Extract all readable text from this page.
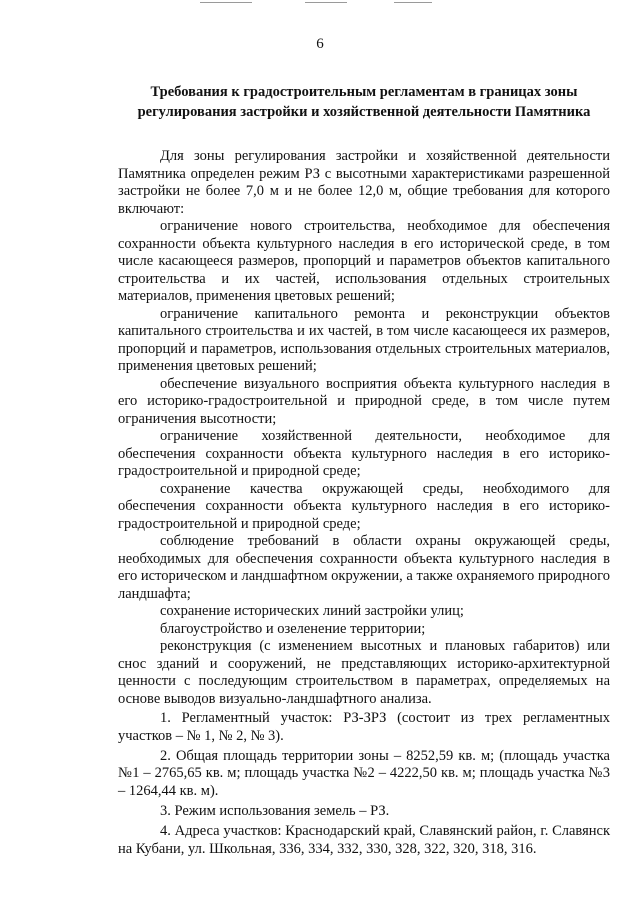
6
Требования к градостроительным регламентам в границах зоны
регулирования застройки и хозяйственной деятельности Памятника

Для зоны регулирования застройки и хозяйственной деятельности Памятника определен режим РЗ с высотными характеристиками разрешенной застройки не более 7,0 м и не более 12,0 м, общие требования для которого включают:

ограничение нового строительства, необходимое для обеспечения сохранности объекта культурного наследия в его исторической среде, в том числе касающееся размеров, пропорций и параметров объектов капитального строительства и их частей, использования отдельных строительных материалов, применения цветовых решений;

ограничение капитального ремонта и реконструкции объектов капитального строительства и их частей, в том числе касающееся их размеров, пропорций и параметров, использования отдельных строительных материалов, применения цветовых решений;

обеспечение визуального восприятия объекта культурного наследия в его историко-градостроительной и природной среде, в том числе путем ограничения высотности;

ограничение хозяйственной деятельности, необходимое для обеспечения сохранности объекта культурного наследия в его историко-градостроительной и природной среде;

сохранение качества окружающей среды, необходимого для обеспечения сохранности объекта культурного наследия в его историко-градостроительной и природной среде;

соблюдение требований в области охраны окружающей среды, необходимых для обеспечения сохранности объекта культурного наследия в его историческом и ландшафтном окружении, а также охраняемого природного ландшафта;

сохранение исторических линий застройки улиц;

благоустройство и озеленение территории;

реконструкция (с изменением высотных и плановых габаритов) или снос зданий и сооружений, не представляющих историко-архитектурной ценности с последующим строительством в параметрах, определяемых на основе выводов визуально-ландшафтного анализа.

1. Регламентный участок: РЗ-ЗРЗ (состоит из трех регламентных участков – № 1, № 2, № 3).

2. Общая площадь территории зоны – 8252,59 кв. м; (площадь участка №1 – 2765,65 кв. м; площадь участка №2 – 4222,50 кв. м; площадь участка №3 – 1264,44 кв. м).

3. Режим использования земель – РЗ.

4. Адреса участков: Краснодарский край, Славянский район, г. Славянск на Кубани, ул. Школьная, 336, 334, 332, 330, 328, 322, 320, 318, 316.
